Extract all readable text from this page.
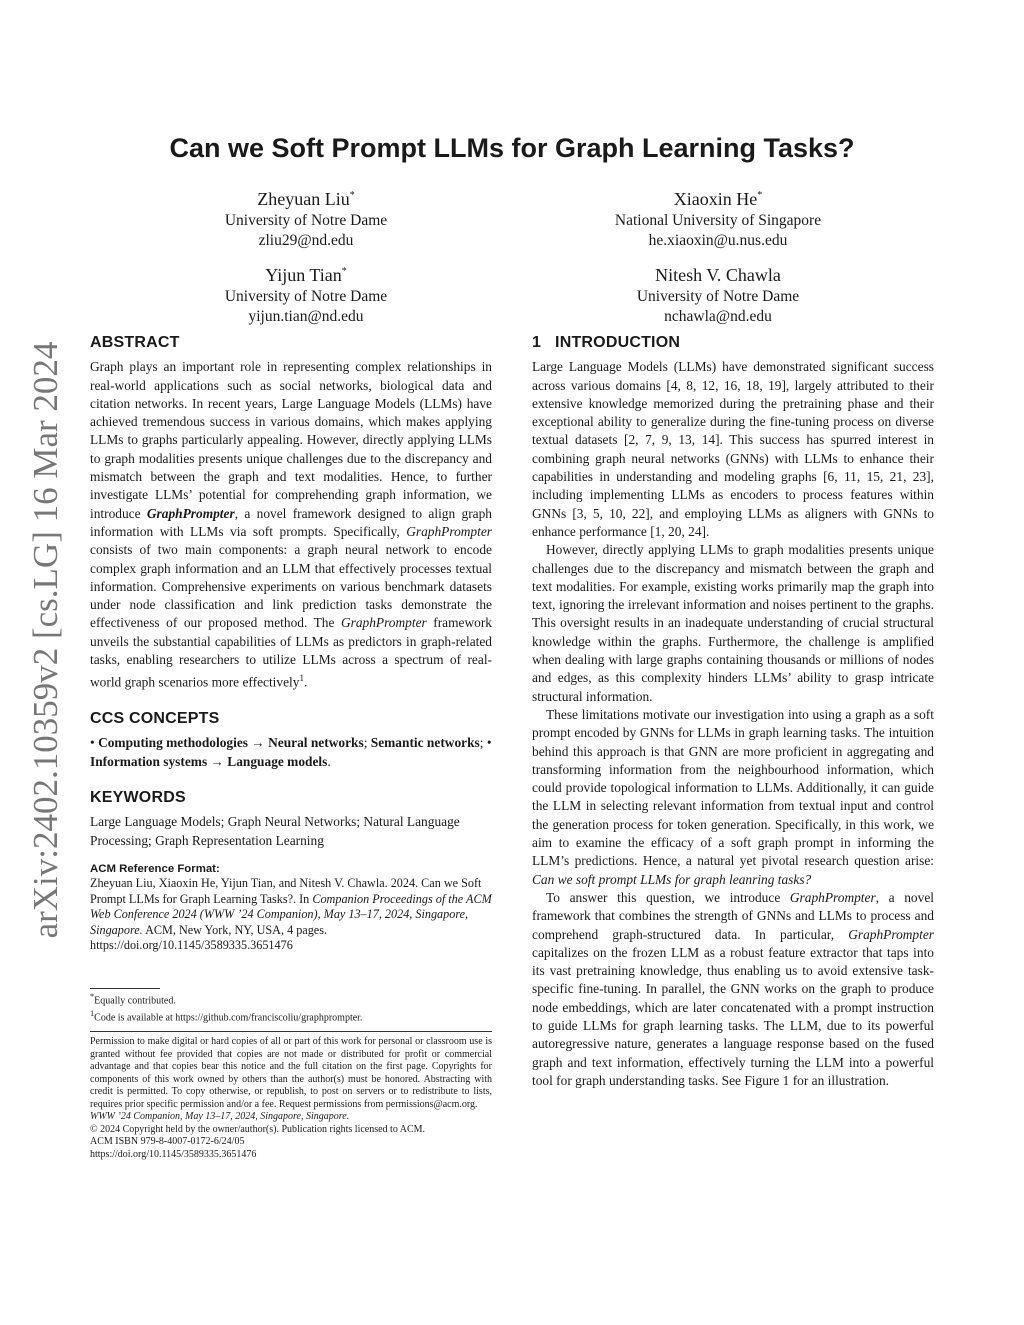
arXiv:2402.10359v2 [cs.LG] 16 Mar 2024
Can we Soft Prompt LLMs for Graph Learning Tasks?
Zheyuan Liu*
University of Notre Dame
zliu29@nd.edu
Xiaoxin He*
National University of Singapore
he.xiaoxin@u.nus.edu
Yijun Tian*
University of Notre Dame
yijun.tian@nd.edu
Nitesh V. Chawla
University of Notre Dame
nchawla@nd.edu
ABSTRACT

Graph plays an important role in representing complex relationships in real-world applications such as social networks, biological data and citation networks. In recent years, Large Language Models (LLMs) have achieved tremendous success in various domains, which makes applying LLMs to graphs particularly appealing. However, directly applying LLMs to graph modalities presents unique challenges due to the discrepancy and mismatch between the graph and text modalities. Hence, to further investigate LLMs’ potential for comprehending graph information, we introduce GraphPrompter, a novel framework designed to align graph information with LLMs via soft prompts. Specifically, GraphPrompter consists of two main components: a graph neural network to encode complex graph information and an LLM that effectively processes textual information. Comprehensive experiments on various benchmark datasets under node classification and link prediction tasks demonstrate the effectiveness of our proposed method. The GraphPrompter framework unveils the substantial capabilities of LLMs as predictors in graph-related tasks, enabling researchers to utilize LLMs across a spectrum of real-world graph scenarios more effectively$^1$.

CCS CONCEPTS

• Computing methodologies → Neural networks; Semantic networks; • Information systems → Language models.

KEYWORDS

Large Language Models; Graph Neural Networks; Natural Language Processing; Graph Representation Learning

ACM Reference Format:

Zheyuan Liu, Xiaoxin He, Yijun Tian, and Nitesh V. Chawla. 2024. Can we Soft Prompt LLMs for Graph Learning Tasks?. In Companion Proceedings of the ACM Web Conference 2024 (WWW ’24 Companion), May 13–17, 2024, Singapore, Singapore. ACM, New York, NY, USA, 4 pages. https://doi.org/10.1145/3589335.3651476

*Equally contributed.
$^1$Code is available at https://github.com/franciscoliu/graphprompter.

Permission to make digital or hard copies of all or part of this work for personal or classroom use is granted without fee provided that copies are not made or distributed for profit or commercial advantage and that copies bear this notice and the full citation on the first page. Copyrights for components of this work owned by others than the author(s) must be honored. Abstracting with credit is permitted. To copy otherwise, or republish, to post on servers or to redistribute to lists, requires prior specific permission and/or a fee. Request permissions from permissions@acm.org.

WWW ’24 Companion, May 13–17, 2024, Singapore, Singapore.

© 2024 Copyright held by the owner/author(s). Publication rights licensed to ACM.

ACM ISBN 979-8-4007-0172-6/24/05

https://doi.org/10.1145/3589335.3651476

1 INTRODUCTION

Large Language Models (LLMs) have demonstrated significant success across various domains [4, 8, 12, 16, 18, 19], largely attributed to their extensive knowledge memorized during the pretraining phase and their exceptional ability to generalize during the fine-tuning process on diverse textual datasets [2, 7, 9, 13, 14]. This success has spurred interest in combining graph neural networks (GNNs) with LLMs to enhance their capabilities in understanding and modeling graphs [6, 11, 15, 21, 23], including implementing LLMs as encoders to process features within GNNs [3, 5, 10, 22], and employing LLMs as aligners with GNNs to enhance performance [1, 20, 24].

However, directly applying LLMs to graph modalities presents unique challenges due to the discrepancy and mismatch between the graph and text modalities. For example, existing works primarily map the graph into text, ignoring the irrelevant information and noises pertinent to the graphs. This oversight results in an inadequate understanding of crucial structural knowledge within the graphs. Furthermore, the challenge is amplified when dealing with large graphs containing thousands or millions of nodes and edges, as this complexity hinders LLMs’ ability to grasp intricate structural information.

These limitations motivate our investigation into using a graph as a soft prompt encoded by GNNs for LLMs in graph learning tasks. The intuition behind this approach is that GNN are more proficient in aggregating and transforming information from the neighbourhood information, which could provide topological information to LLMs. Additionally, it can guide the LLM in selecting relevant information from textual input and control the generation process for token generation. Specifically, in this work, we aim to examine the efficacy of a soft graph prompt in informing the LLM’s predictions. Hence, a natural yet pivotal research question arise: Can we soft prompt LLMs for graph leanring tasks?

To answer this question, we introduce GraphPrompter, a novel framework that combines the strength of GNNs and LLMs to process and comprehend graph-structured data. In particular, GraphPrompter capitalizes on the frozen LLM as a robust feature extractor that taps into its vast pretraining knowledge, thus enabling us to avoid extensive task-specific fine-tuning. In parallel, the GNN works on the graph to produce node embeddings, which are later concatenated with a prompt instruction to guide LLMs for graph learning tasks. The LLM, due to its powerful autoregressive nature, generates a language response based on the fused graph and text information, effectively turning the LLM into a powerful tool for graph understanding tasks. See Figure 1 for an illustration.
